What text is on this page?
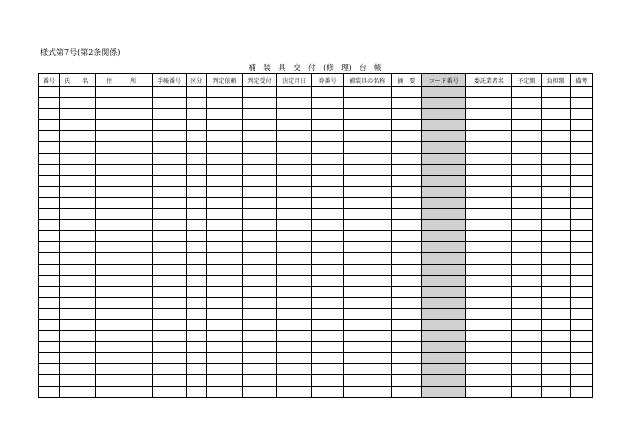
様式第7号(第2条関係)
補　装　具　交　付　(修　理)　台　帳
番号	氏　　名	住　　　所	手帳番号	区分	判定依頼	判定受付	決定月日	券番号	補装具の名称	摘　要	コード番号	委託業者名	予定額	負担額	備考
